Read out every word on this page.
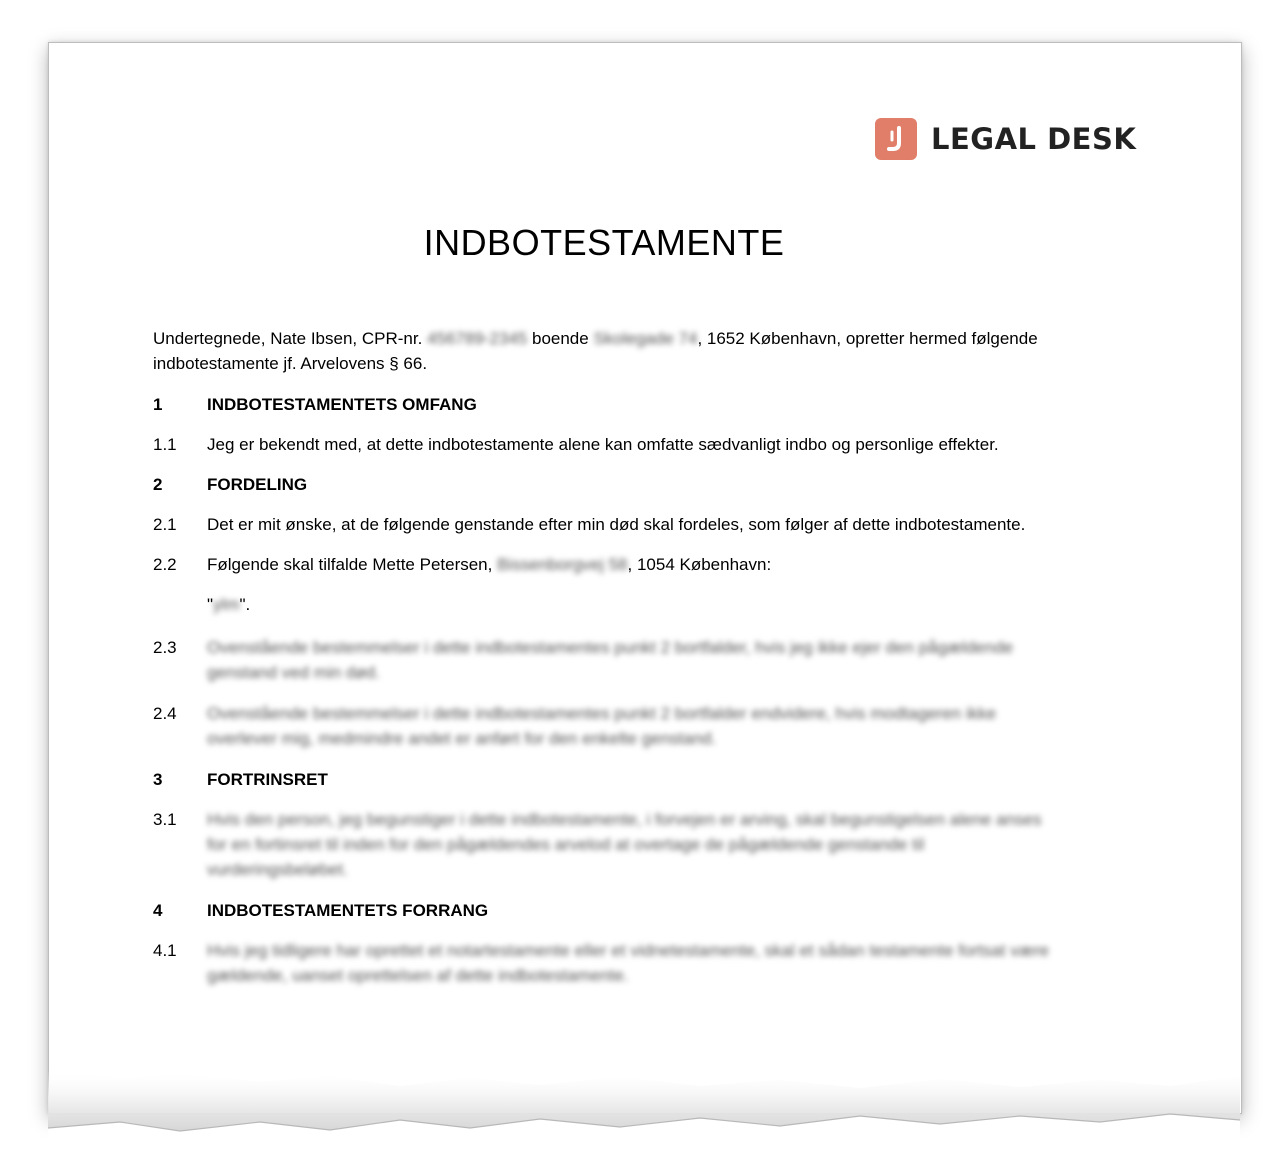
LEGAL DESK
INDBOTESTAMENTE

Undertegnede, Nate Ibsen, CPR-nr. 456789-2345 boende Skolegade 74, 1652 København, opretter hermed følgende indbotestamente jf. Arvelovens § 66.

1	INDBOTESTAMENTETS OMFANG
1.1	Jeg er bekendt med, at dette indbotestamente alene kan omfatte sædvanligt indbo og personlige effekter.
2	FORDELING
2.1	Det er mit ønske, at de følgende genstande efter min død skal fordeles, som følger af dette indbotestamente.
2.2	Følgende skal tilfalde Mette Petersen, Bissenborgvej 58, 1054 København:
"ylm".
2.3	Ovenstående bestemmelser i dette indbotestamentes punkt 2 bortfalder, hvis jeg ikke ejer den pågældende genstand ved min død.
2.4	Ovenstående bestemmelser i dette indbotestamentes punkt 2 bortfalder endvidere, hvis modtageren ikke overlever mig, medmindre andet er anført for den enkelte genstand.
3	FORTRINSRET
3.1	Hvis den person, jeg begunstiger i dette indbotestamente, i forvejen er arving, skal begunstigelsen alene anses for en fortinsret til inden for den pågældendes arvelod at overtage de pågældende genstande til vurderingsbeløbet.
4	INDBOTESTAMENTETS FORRANG
4.1	Hvis jeg tidligere har oprettet et notartestamente eller et vidnetestamente, skal et sådan testamente fortsat være gældende, uanset oprettelsen af dette indbotestamente.
